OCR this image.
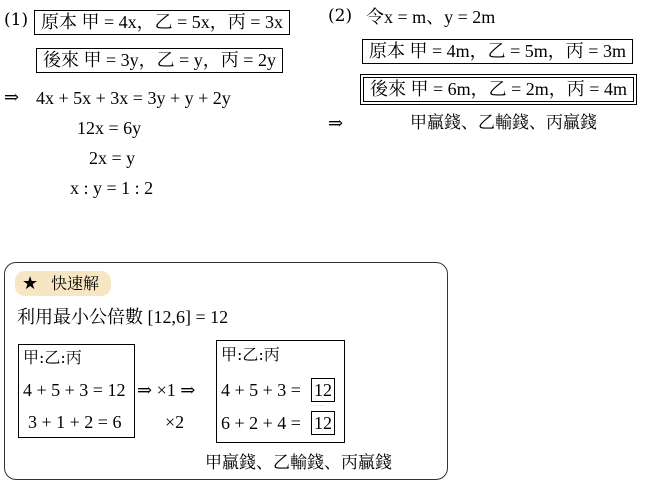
(1) 原本 甲 = 4x，乙 = 5x，丙 = 3x
後來 甲 = 3y，乙 = y，丙 = 2y
⇒ 4x + 5x + 3x = 3y + y + 2y
12x = 6y
2x = y
x : y = 1 : 2
(2) 令x = m、y = 2m
原本 甲 = 4m，乙 = 5m，丙 = 3m
後來 甲 = 6m，乙 = 2m，丙 = 4m
⇒	甲贏錢、乙輸錢、丙贏錢
★ 快速解
利用最小公倍數 [12,6] = 12
甲:乙:丙
4 + 5 + 3 = 12
3 + 1 + 2 = 6
⇒ ×1 ⇒
×2
甲:乙:丙
4 + 5 + 3 = 12
·····
6 + 2 + 4 = 12
甲贏錢、乙輸錢、丙贏錢
